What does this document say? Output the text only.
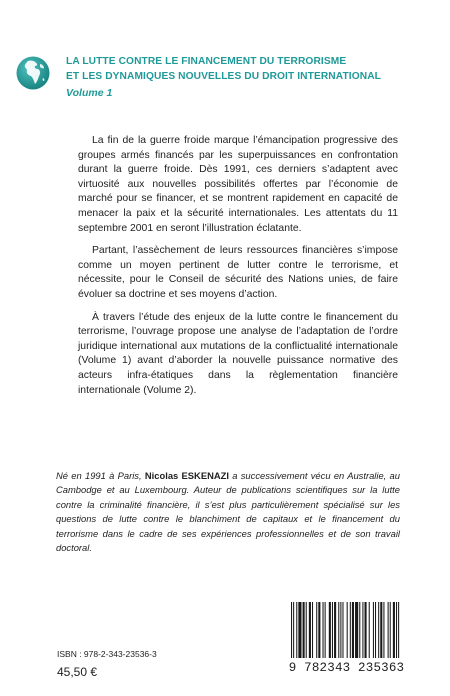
LA LUTTE CONTRE LE FINANCEMENT DU TERRORISME
ET LES DYNAMIQUES NOUVELLES DU DROIT INTERNATIONAL
Volume 1

La fin de la guerre froide marque l’émancipation progressive des groupes armés financés par les superpuissances en confrontation durant la guerre froide. Dès 1991, ces derniers s’adaptent avec virtuosité aux nouvelles possibilités offertes par l’économie de marché pour se financer, et se montrent rapidement en capacité de menacer la paix et la sécurité internationales. Les attentats du 11 septembre 2001 en seront l’illustration éclatante.

Partant, l’assèchement de leurs ressources financières s’impose comme un moyen pertinent de lutter contre le terrorisme, et nécessite, pour le Conseil de sécurité des Nations unies, de faire évoluer sa doctrine et ses moyens d’action.

À travers l’étude des enjeux de la lutte contre le financement du terrorisme, l’ouvrage propose une analyse de l’adaptation de l’ordre juridique international aux mutations de la conflictualité internationale (Volume 1) avant d’aborder la nouvelle puissance normative des acteurs infra-étatiques dans la règlementation financière internationale (Volume 2).

Né en 1991 à Paris, Nicolas ESKENAZI a successivement vécu en Australie, au Cambodge et au Luxembourg. Auteur de publications scientifiques sur la lutte contre la criminalité financière, il s’est plus particulièrement spécialisé sur les questions de lutte contre le blanchiment de capitaux et le financement du terrorisme dans le cadre de ses expériences professionnelles et de son travail doctoral.
ISBN : 978-2-343-23536-3
45,50 €	9 782343 235363
